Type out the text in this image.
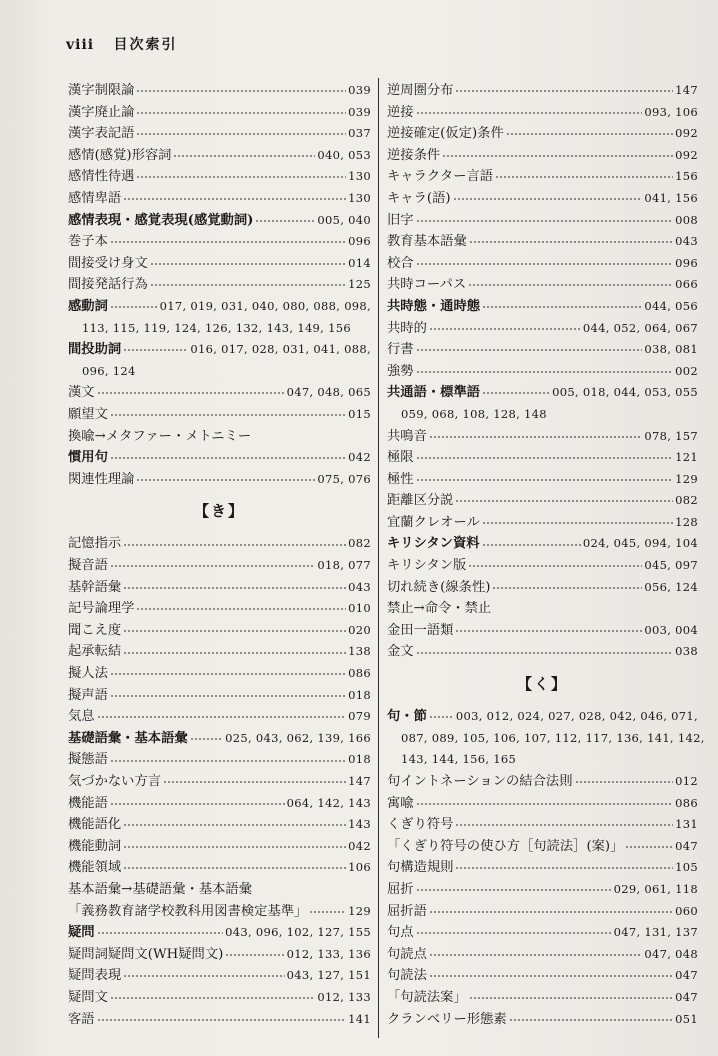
viii 目次索引
漢字制限論	039
漢字廃止論	039
漢字表記語	037
感情(感覚)形容詞	040, 053
感情性待遇	130
感情卑語	130
感情表現・感覚表現(感覚動詞)	005, 040
巻子本	096
間接受け身文	014
間接発話行為	125
感動詞	017, 019, 031, 040, 080, 088, 098,
113, 115, 119, 124, 126, 132, 143, 149, 156
間投助詞	016, 017, 028, 031, 041, 088,
096, 124
漢文	047, 048, 065
願望文	015
換喩→メタファー・メトニミー
慣用句	042
関連性理論	075, 076
【き】
記憶指示	082
擬音語	018, 077
基幹語彙	043
記号論理学	010
聞こえ度	020
起承転結	138
擬人法	086
擬声語	018
気息	079
基礎語彙・基本語彙	025, 043, 062, 139, 166
擬態語	018
気づかない方言	147
機能語	064, 142, 143
機能語化	143
機能動詞	042
機能領域	106
基本語彙→基礎語彙・基本語彙
「義務教育諸学校教科用図書検定基準」	129
疑問	043, 096, 102, 127, 155
疑問詞疑問文(WH疑問文)	012, 133, 136
疑問表現	043, 127, 151
疑問文	012, 133
客語	141
逆周圏分布	147
逆接	093, 106
逆接確定(仮定)条件	092
逆接条件	092
キャラクター言語	156
キャラ(語)	041, 156
旧字	008
教育基本語彙	043
校合	096
共時コーパス	066
共時態・通時態	044, 056
共時的	044, 052, 064, 067
行書	038, 081
強勢	002
共通語・標準語	005, 018, 044, 053, 055
059, 068, 108, 128, 148
共鳴音	078, 157
極限	121
極性	129
距離区分説	082
宜蘭クレオール	128
キリシタン資料	024, 045, 094, 104
キリシタン版	045, 097
切れ続き(線条性)	056, 124
禁止→命令・禁止
金田一語類	003, 004
金文	038
【く】
句・節	003, 012, 024, 027, 028, 042, 046, 071,
087, 089, 105, 106, 107, 112, 117, 136, 141, 142,
143, 144, 156, 165
句イントネーションの結合法則	012
寓喩	086
くぎり符号	131
「くぎり符号の使ひ方［句読法］(案)」	047
句構造規則	105
屈折	029, 061, 118
屈折語	060
句点	047, 131, 137
句読点	047, 048
句読法	047
「句読法案」	047
クランベリー形態素	051
